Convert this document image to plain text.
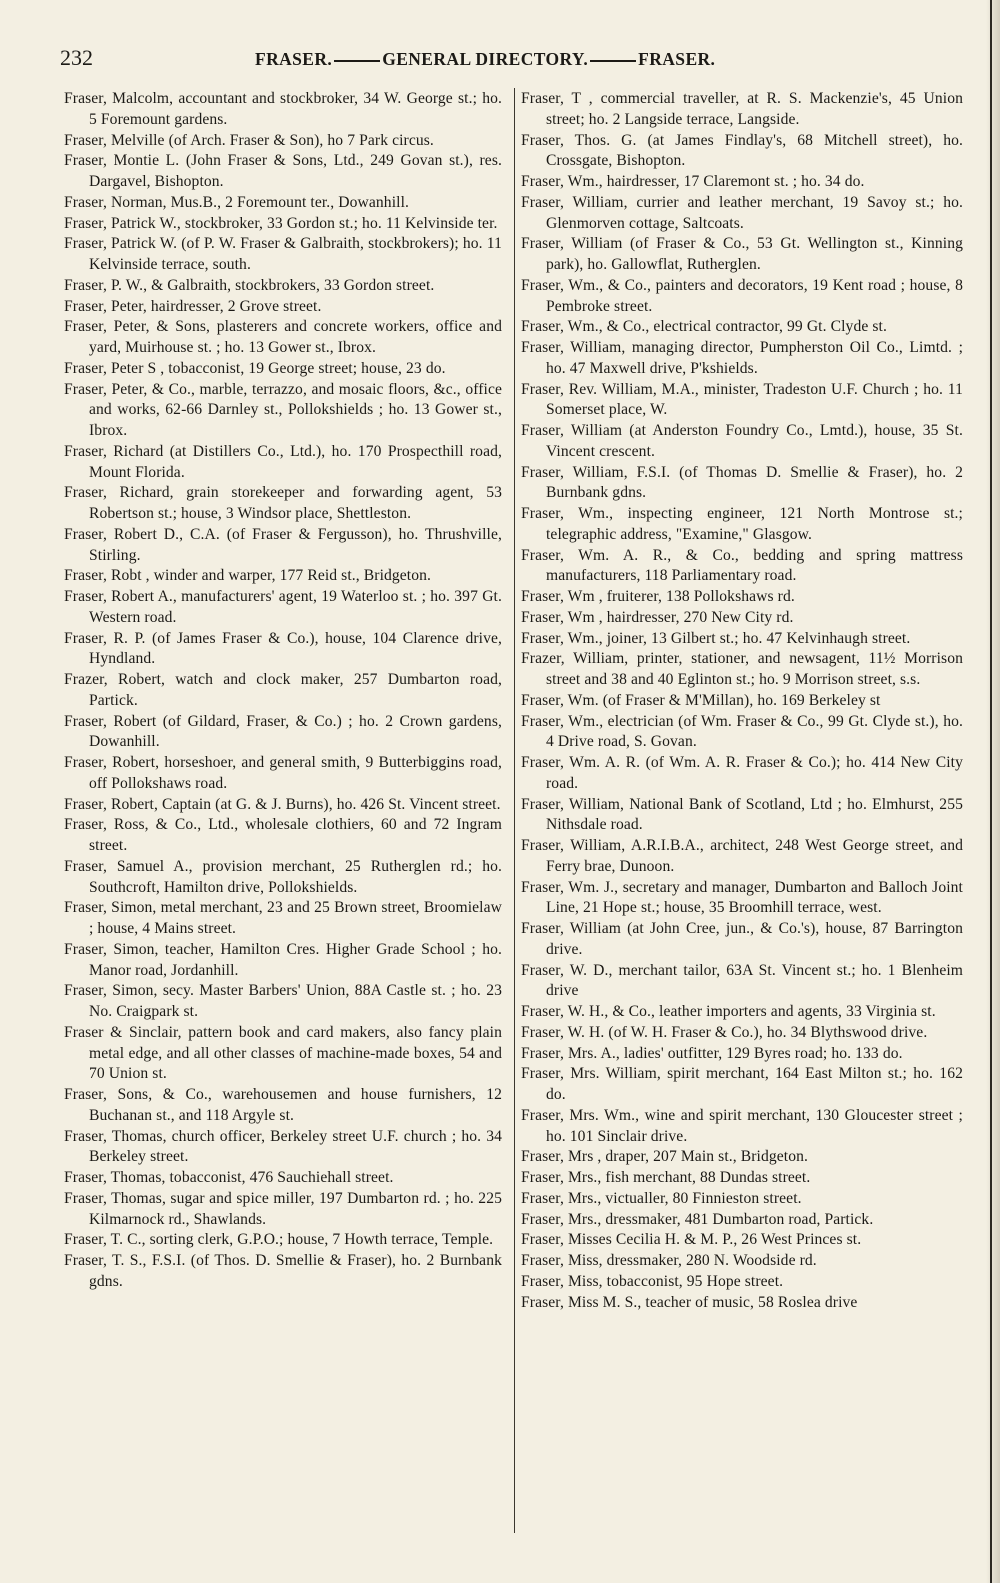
232	FRASER.	GENERAL DIRECTORY.	FRASER.

Fraser, Malcolm, accountant and stockbroker, 34 W. George st.; ho. 5 Foremount gardens.

Fraser, Melville (of Arch. Fraser & Son), ho 7 Park circus.

Fraser, Montie L. (John Fraser & Sons, Ltd., 249 Govan st.), res. Dargavel, Bishopton.

Fraser, Norman, Mus.B., 2 Foremount ter., Dowanhill.

Fraser, Patrick W., stockbroker, 33 Gordon st.; ho. 11 Kelvinside ter.

Fraser, Patrick W. (of P. W. Fraser & Galbraith, stockbrokers); ho. 11 Kelvinside terrace, south.

Fraser, P. W., & Galbraith, stockbrokers, 33 Gordon street.

Fraser, Peter, hairdresser, 2 Grove street.

Fraser, Peter, & Sons, plasterers and concrete workers, office and yard, Muirhouse st. ; ho. 13 Gower st., Ibrox.

Fraser, Peter S , tobacconist, 19 George street; house, 23 do.

Fraser, Peter, & Co., marble, terrazzo, and mosaic floors, &c., office and works, 62-66 Darnley st., Pollokshields ; ho. 13 Gower st., Ibrox.

Fraser, Richard (at Distillers Co., Ltd.), ho. 170 Prospecthill road, Mount Florida.

Fraser, Richard, grain storekeeper and forwarding agent, 53 Robertson st.; house, 3 Windsor place, Shettleston.

Fraser, Robert D., C.A. (of Fraser & Fergusson), ho. Thrushville, Stirling.

Fraser, Robt , winder and warper, 177 Reid st., Bridgeton.

Fraser, Robert A., manufacturers' agent, 19 Waterloo st. ; ho. 397 Gt. Western road.

Fraser, R. P. (of James Fraser & Co.), house, 104 Clarence drive, Hyndland.

Frazer, Robert, watch and clock maker, 257 Dumbarton road, Partick.

Fraser, Robert (of Gildard, Fraser, & Co.) ; ho. 2 Crown gardens, Dowanhill.

Fraser, Robert, horseshoer, and general smith, 9 Butterbiggins road, off Pollokshaws road.

Fraser, Robert, Captain (at G. & J. Burns), ho. 426 St. Vincent street.

Fraser, Ross, & Co., Ltd., wholesale clothiers, 60 and 72 Ingram street.

Fraser, Samuel A., provision merchant, 25 Rutherglen rd.; ho. Southcroft, Hamilton drive, Pollokshields.

Fraser, Simon, metal merchant, 23 and 25 Brown street, Broomielaw ; house, 4 Mains street.

Fraser, Simon, teacher, Hamilton Cres. Higher Grade School ; ho. Manor road, Jordanhill.

Fraser, Simon, secy. Master Barbers' Union, 88A Castle st. ; ho. 23 No. Craigpark st.

Fraser & Sinclair, pattern book and card makers, also fancy plain metal edge, and all other classes of machine-made boxes, 54 and 70 Union st.

Fraser, Sons, & Co., warehousemen and house furnishers, 12 Buchanan st., and 118 Argyle st.

Fraser, Thomas, church officer, Berkeley street U.F. church ; ho. 34 Berkeley street.

Fraser, Thomas, tobacconist, 476 Sauchiehall street.

Fraser, Thomas, sugar and spice miller, 197 Dumbarton rd. ; ho. 225 Kilmarnock rd., Shawlands.

Fraser, T. C., sorting clerk, G.P.O.; house, 7 Howth terrace, Temple.

Fraser, T. S., F.S.I. (of Thos. D. Smellie & Fraser), ho. 2 Burnbank gdns.

Fraser, T , commercial traveller, at R. S. Mackenzie's, 45 Union street; ho. 2 Langside terrace, Langside.

Fraser, Thos. G. (at James Findlay's, 68 Mitchell street), ho. Crossgate, Bishopton.

Fraser, Wm., hairdresser, 17 Claremont st. ; ho. 34 do.

Fraser, William, currier and leather merchant, 19 Savoy st.; ho. Glenmorven cottage, Saltcoats.

Fraser, William (of Fraser & Co., 53 Gt. Wellington st., Kinning park), ho. Gallowflat, Rutherglen.

Fraser, Wm., & Co., painters and decorators, 19 Kent road ; house, 8 Pembroke street.

Fraser, Wm., & Co., electrical contractor, 99 Gt. Clyde st.

Fraser, William, managing director, Pumpherston Oil Co., Limtd. ; ho. 47 Maxwell drive, P'kshields.

Fraser, Rev. William, M.A., minister, Tradeston U.F. Church ; ho. 11 Somerset place, W.

Fraser, William (at Anderston Foundry Co., Lmtd.), house, 35 St. Vincent crescent.

Fraser, William, F.S.I. (of Thomas D. Smellie & Fraser), ho. 2 Burnbank gdns.

Fraser, Wm., inspecting engineer, 121 North Montrose st.; telegraphic address, "Examine," Glasgow.

Fraser, Wm. A. R., & Co., bedding and spring mattress manufacturers, 118 Parliamentary road.

Fraser, Wm , fruiterer, 138 Pollokshaws rd.

Fraser, Wm , hairdresser, 270 New City rd.

Fraser, Wm., joiner, 13 Gilbert st.; ho. 47 Kelvinhaugh street.

Frazer, William, printer, stationer, and newsagent, 11½ Morrison street and 38 and 40 Eglinton st.; ho. 9 Morrison street, s.s.

Fraser, Wm. (of Fraser & M'Millan), ho. 169 Berkeley st

Fraser, Wm., electrician (of Wm. Fraser & Co., 99 Gt. Clyde st.), ho. 4 Drive road, S. Govan.

Fraser, Wm. A. R. (of Wm. A. R. Fraser & Co.); ho. 414 New City road.

Fraser, William, National Bank of Scotland, Ltd ; ho. Elmhurst, 255 Nithsdale road.

Fraser, William, A.R.I.B.A., architect, 248 West George street, and Ferry brae, Dunoon.

Fraser, Wm. J., secretary and manager, Dumbarton and Balloch Joint Line, 21 Hope st.; house, 35 Broomhill terrace, west.

Fraser, William (at John Cree, jun., & Co.'s), house, 87 Barrington drive.

Fraser, W. D., merchant tailor, 63A St. Vincent st.; ho. 1 Blenheim drive

Fraser, W. H., & Co., leather importers and agents, 33 Virginia st.

Fraser, W. H. (of W. H. Fraser & Co.), ho. 34 Blythswood drive.

Fraser, Mrs. A., ladies' outfitter, 129 Byres road; ho. 133 do.

Fraser, Mrs. William, spirit merchant, 164 East Milton st.; ho. 162 do.

Fraser, Mrs. Wm., wine and spirit merchant, 130 Gloucester street ; ho. 101 Sinclair drive.

Fraser, Mrs , draper, 207 Main st., Bridgeton.

Fraser, Mrs., fish merchant, 88 Dundas street.

Fraser, Mrs., victualler, 80 Finnieston street.

Fraser, Mrs., dressmaker, 481 Dumbarton road, Partick.

Fraser, Misses Cecilia H. & M. P., 26 West Princes st.

Fraser, Miss, dressmaker, 280 N. Woodside rd.

Fraser, Miss, tobacconist, 95 Hope street.

Fraser, Miss M. S., teacher of music, 58 Roslea drive
